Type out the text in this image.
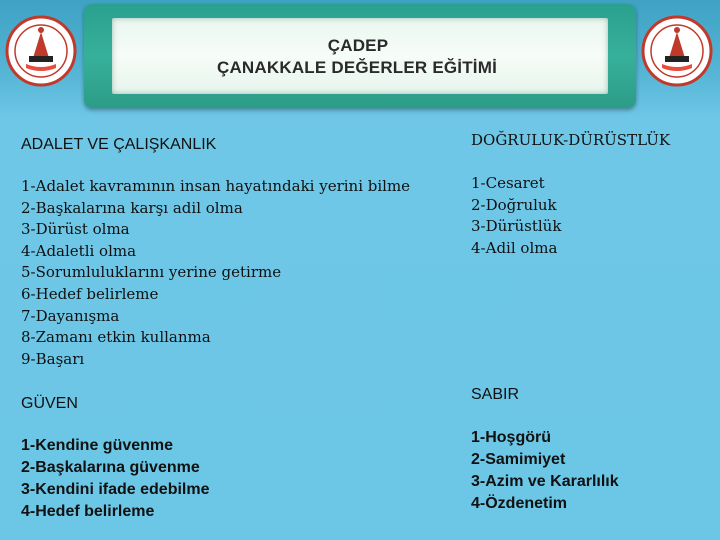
ÇADEP
ÇANAKKALE DEĞERLER EĞİTİMİ
ADALET VE ÇALIŞKANLIK
1-Adalet kavramının insan hayatındaki yerini bilme
2-Başkalarına karşı adil olma
3-Dürüst olma
4-Adaletli olma
5-Sorumluluklarını yerine getirme
6-Hedef belirleme
7-Dayanışma
8-Zamanı etkin kullanma
9-Başarı
DOĞRULUK-DÜRÜSTLÜK
1-Cesaret
2-Doğruluk
3-Dürüstlük
4-Adil olma
GÜVEN
1-Kendine güvenme
2-Başkalarına güvenme
3-Kendini ifade edebilme
4-Hedef belirleme
SABIR
1-Hoşgörü
2-Samimiyet
3-Azim ve Kararlılık
4-Özdenetim
